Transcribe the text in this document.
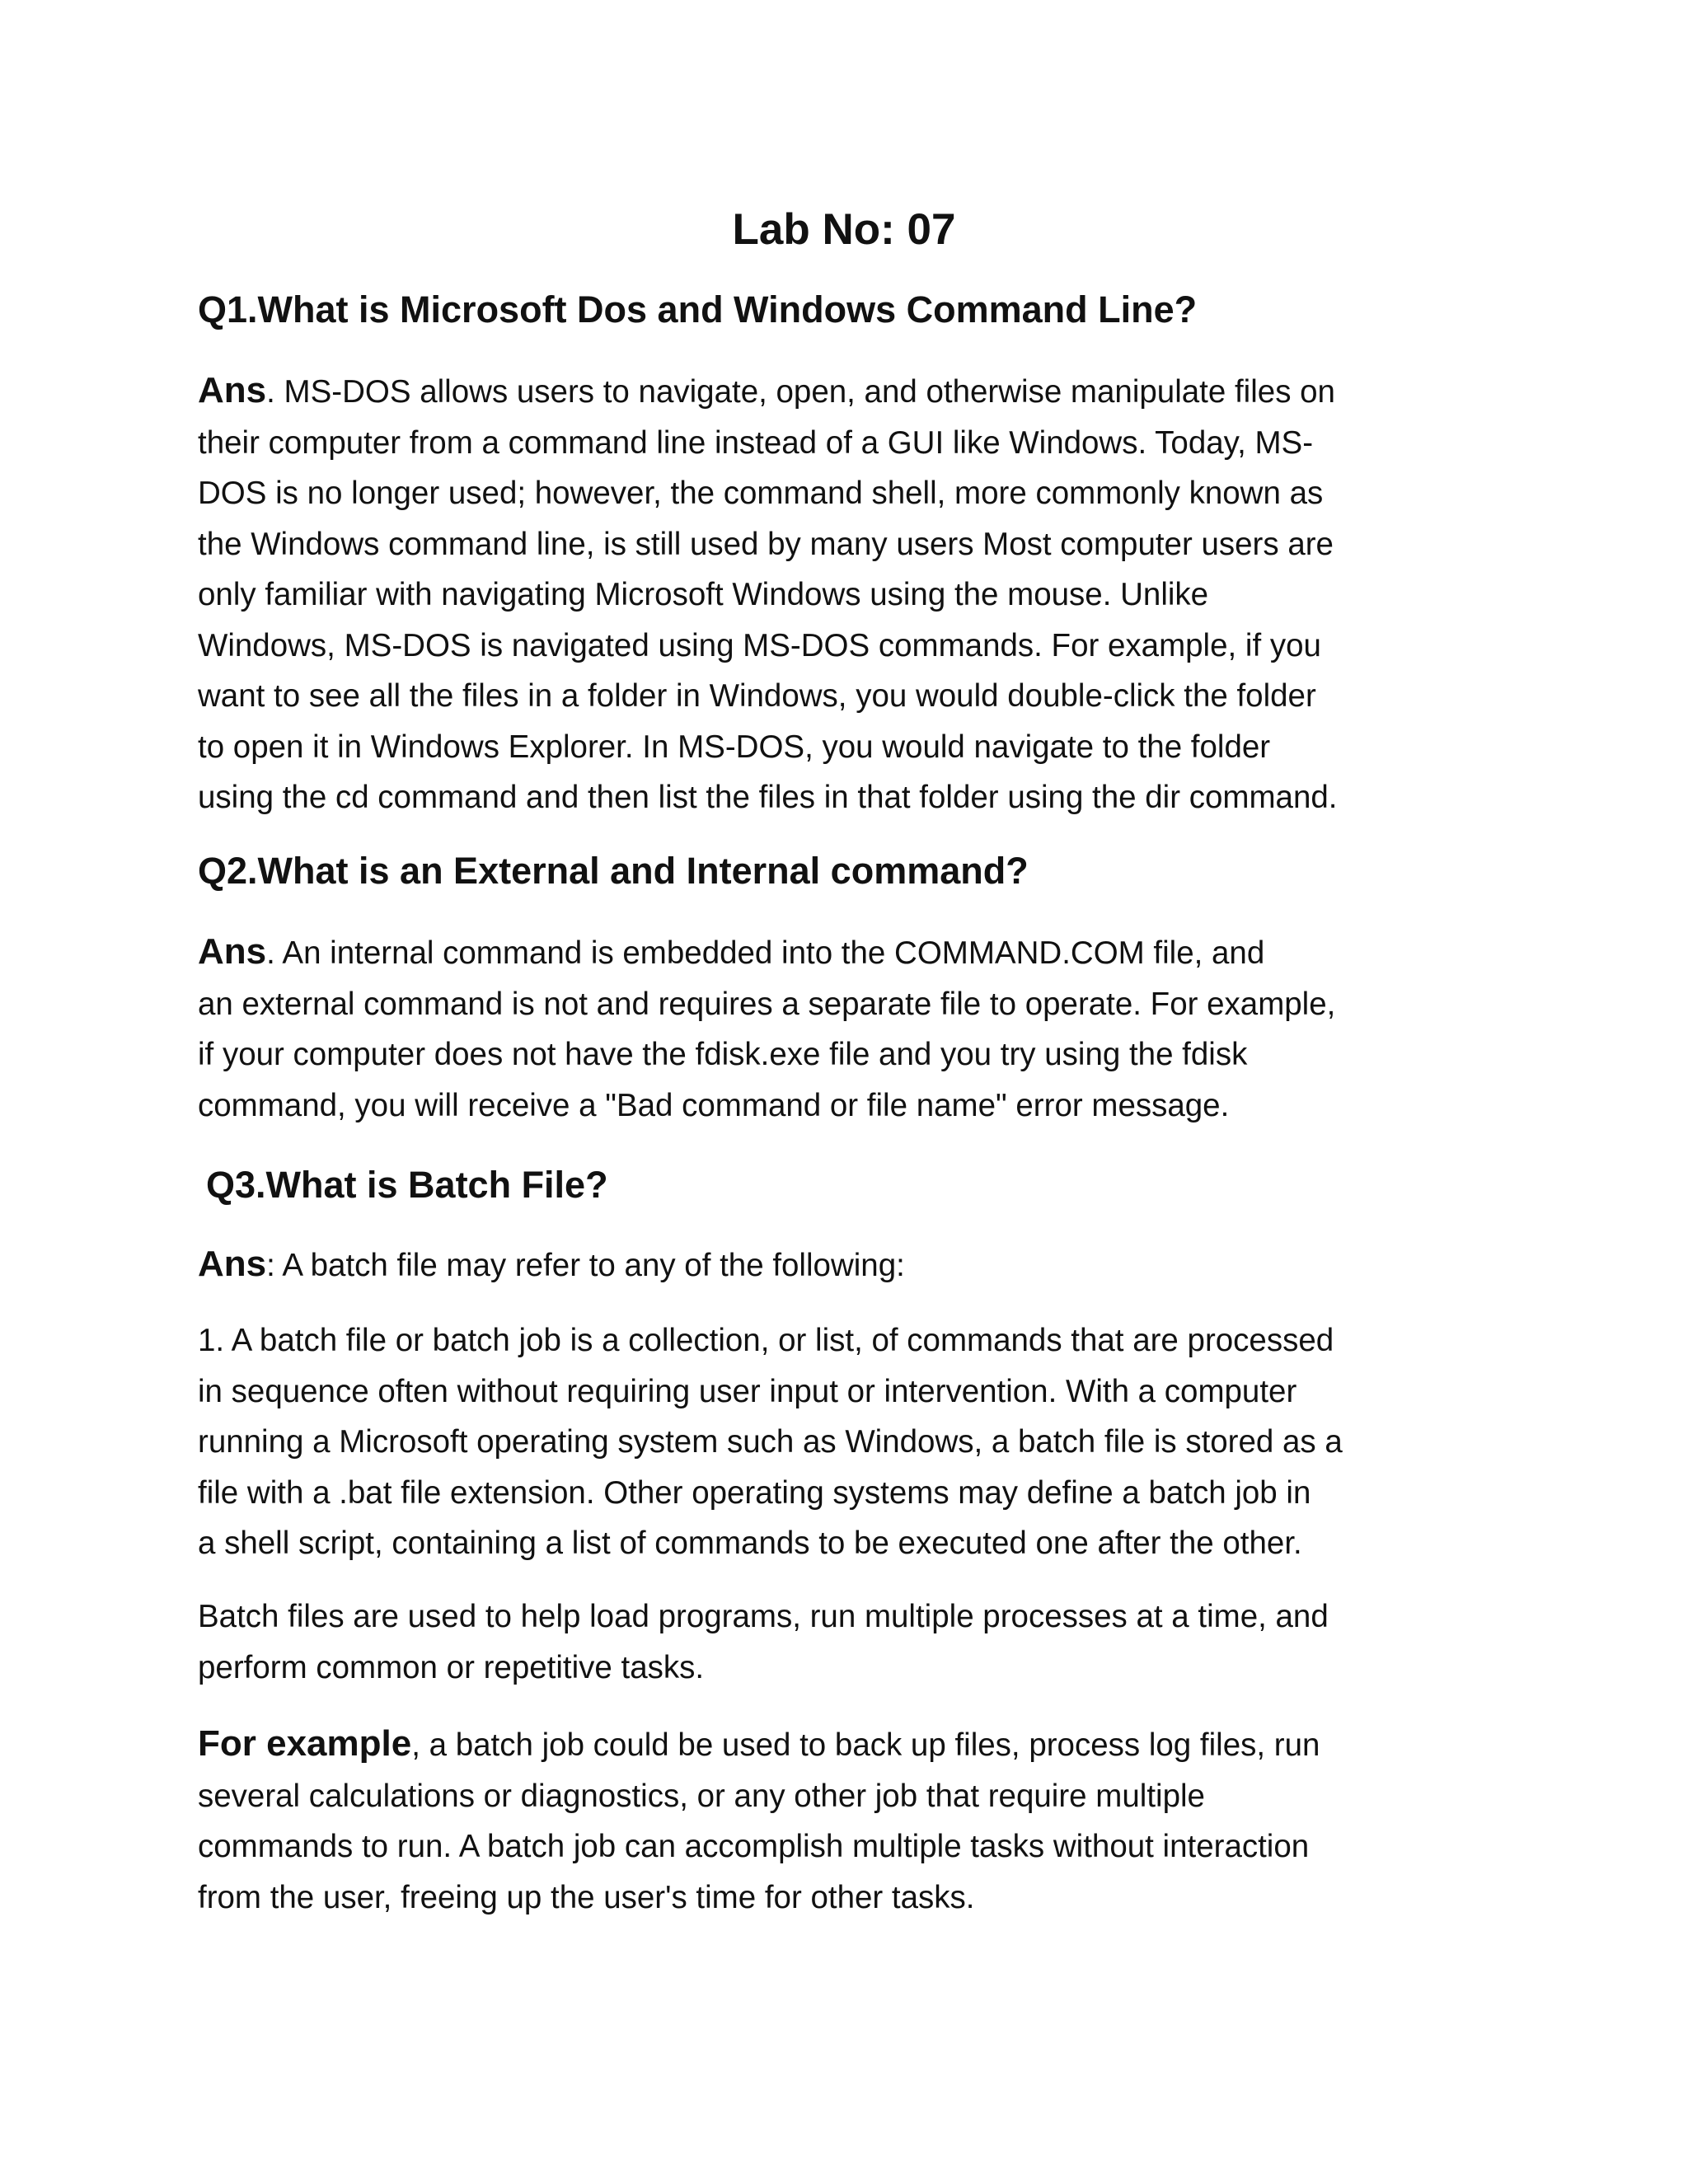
Lab No: 07
Q1.What is Microsoft Dos and Windows Command Line?

Ans. MS-DOS allows users to navigate, open, and otherwise manipulate files on
their computer from a command line instead of a GUI like Windows. Today, MS-
DOS is no longer used; however, the command shell, more commonly known as
the Windows command line, is still used by many users Most computer users are
only familiar with navigating Microsoft Windows using the mouse. Unlike
Windows, MS-DOS is navigated using MS-DOS commands. For example, if you
want to see all the files in a folder in Windows, you would double-click the folder
to open it in Windows Explorer. In MS-DOS, you would navigate to the folder
using the cd command and then list the files in that folder using the dir command.

Q2.What is an External and Internal command?

Ans. An internal command is embedded into the COMMAND.COM file, and
an external command is not and requires a separate file to operate. For example,
if your computer does not have the fdisk.exe file and you try using the fdisk
command, you will receive a "Bad command or file name" error message.

Q3.What is Batch File?

Ans: A batch file may refer to any of the following:

1. A batch file or batch job is a collection, or list, of commands that are processed
in sequence often without requiring user input or intervention. With a computer
running a Microsoft operating system such as Windows, a batch file is stored as a
file with a .bat file extension. Other operating systems may define a batch job in
a shell script, containing a list of commands to be executed one after the other.

Batch files are used to help load programs, run multiple processes at a time, and
perform common or repetitive tasks.

For example, a batch job could be used to back up files, process log files, run
several calculations or diagnostics, or any other job that require multiple
commands to run. A batch job can accomplish multiple tasks without interaction
from the user, freeing up the user's time for other tasks.
